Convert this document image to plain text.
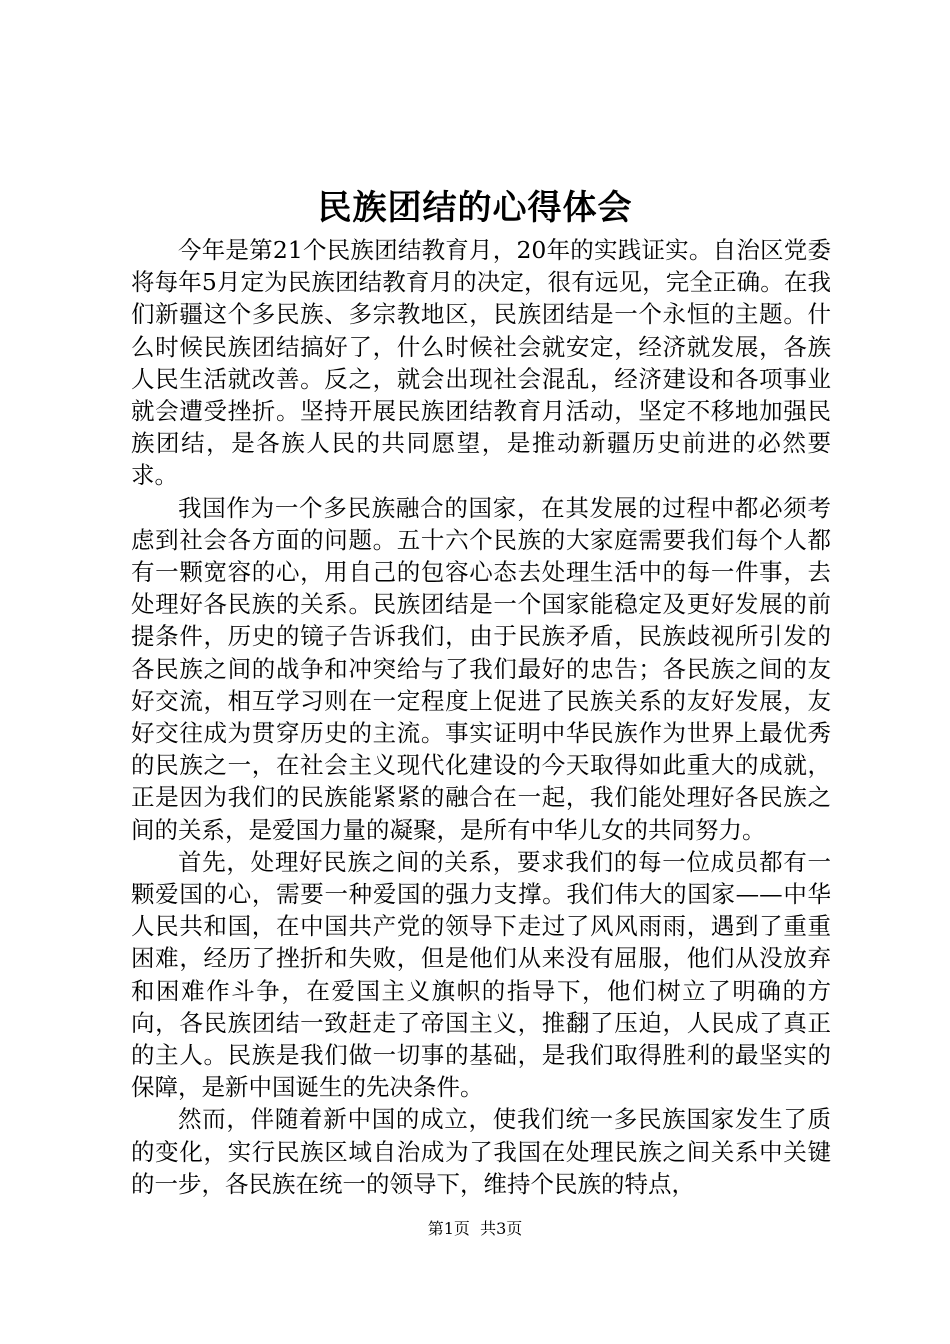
民族团结的心得体会

今年是第21个民族团结教育月，20年的实践证实。自治区党委将每年5月定为民族团结教育月的决定，很有远见，完全正确。在我们新疆这个多民族、多宗教地区，民族团结是一个永恒的主题。什么时候民族团结搞好了，什么时候社会就安定，经济就发展，各族人民生活就改善。反之，就会出现社会混乱，经济建设和各项事业就会遭受挫折。坚持开展民族团结教育月活动，坚定不移地加强民族团结，是各族人民的共同愿望，是推动新疆历史前进的必然要求。

我国作为一个多民族融合的国家，在其发展的过程中都必须考虑到社会各方面的问题。五十六个民族的大家庭需要我们每个人都有一颗宽容的心，用自己的包容心态去处理生活中的每一件事，去处理好各民族的关系。民族团结是一个国家能稳定及更好发展的前提条件，历史的镜子告诉我们，由于民族矛盾，民族歧视所引发的各民族之间的战争和冲突给与了我们最好的忠告；各民族之间的友好交流，相互学习则在一定程度上促进了民族关系的友好发展，友好交往成为贯穿历史的主流。事实证明中华民族作为世界上最优秀的民族之一，在社会主义现代化建设的今天取得如此重大的成就，正是因为我们的民族能紧紧的融合在一起，我们能处理好各民族之间的关系，是爱国力量的凝聚，是所有中华儿女的共同努力。

首先，处理好民族之间的关系，要求我们的每一位成员都有一颗爱国的心，需要一种爱国的强力支撑。我们伟大的国家——中华人民共和国，在中国共产党的领导下走过了风风雨雨，遇到了重重困难，经历了挫折和失败，但是他们从来没有屈服，他们从没放弃和困难作斗争，在爱国主义旗帜的指导下，他们树立了明确的方向，各民族团结一致赶走了帝国主义，推翻了压迫，人民成了真正的主人。民族是我们做一切事的基础，是我们取得胜利的最坚实的保障，是新中国诞生的先决条件。

然而，伴随着新中国的成立，使我们统一多民族国家发生了质的变化，实行民族区域自治成为了我国在处理民族之间关系中关键的一步，各民族在统一的领导下，维持个民族的特点，

第1页  共3页
